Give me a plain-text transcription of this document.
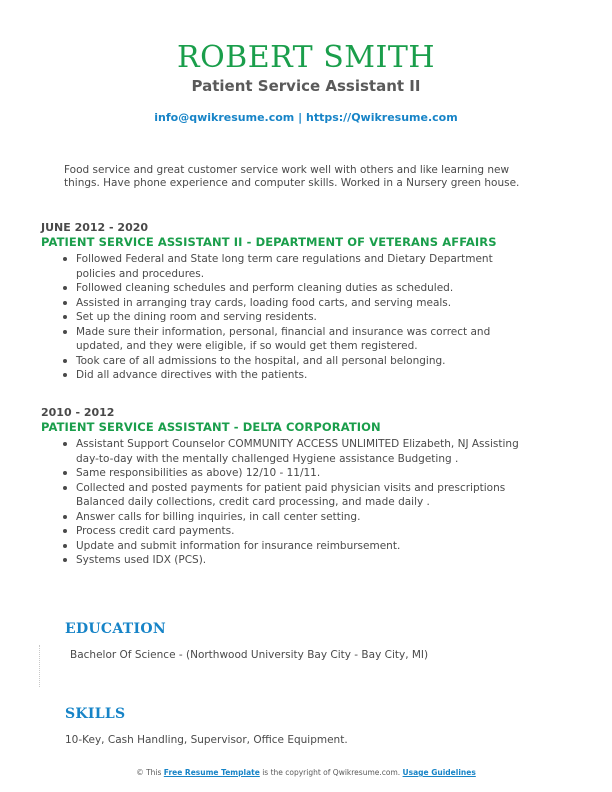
ROBERT SMITH
Patient Service Assistant II
info@qwikresume.com | https://Qwikresume.com
Food service and great customer service work well with others and like learning new things. Have phone experience and computer skills. Worked in a Nursery green house.
JUNE 2012 - 2020
PATIENT SERVICE ASSISTANT II - DEPARTMENT OF VETERANS AFFAIRS
Followed Federal and State long term care regulations and Dietary Department policies and procedures.
Followed cleaning schedules and perform cleaning duties as scheduled.
Assisted in arranging tray cards, loading food carts, and serving meals.
Set up the dining room and serving residents.
Made sure their information, personal, financial and insurance was correct and updated, and they were eligible, if so would get them registered.
Took care of all admissions to the hospital, and all personal belonging.
Did all advance directives with the patients.
2010 - 2012
PATIENT SERVICE ASSISTANT - DELTA CORPORATION
Assistant Support Counselor COMMUNITY ACCESS UNLIMITED Elizabeth, NJ Assisting day-to-day with the mentally challenged Hygiene assistance Budgeting .
Same responsibilities as above) 12/10 - 11/11.
Collected and posted payments for patient paid physician visits and prescriptions Balanced daily collections, credit card processing, and made daily .
Answer calls for billing inquiries, in call center setting.
Process credit card payments.
Update and submit information for insurance reimbursement.
Systems used IDX (PCS).
EDUCATION
Bachelor Of Science - (Northwood University Bay City - Bay City, MI)
SKILLS
10-Key, Cash Handling, Supervisor, Office Equipment.
© This Free Resume Template is the copyright of Qwikresume.com. Usage Guidelines
